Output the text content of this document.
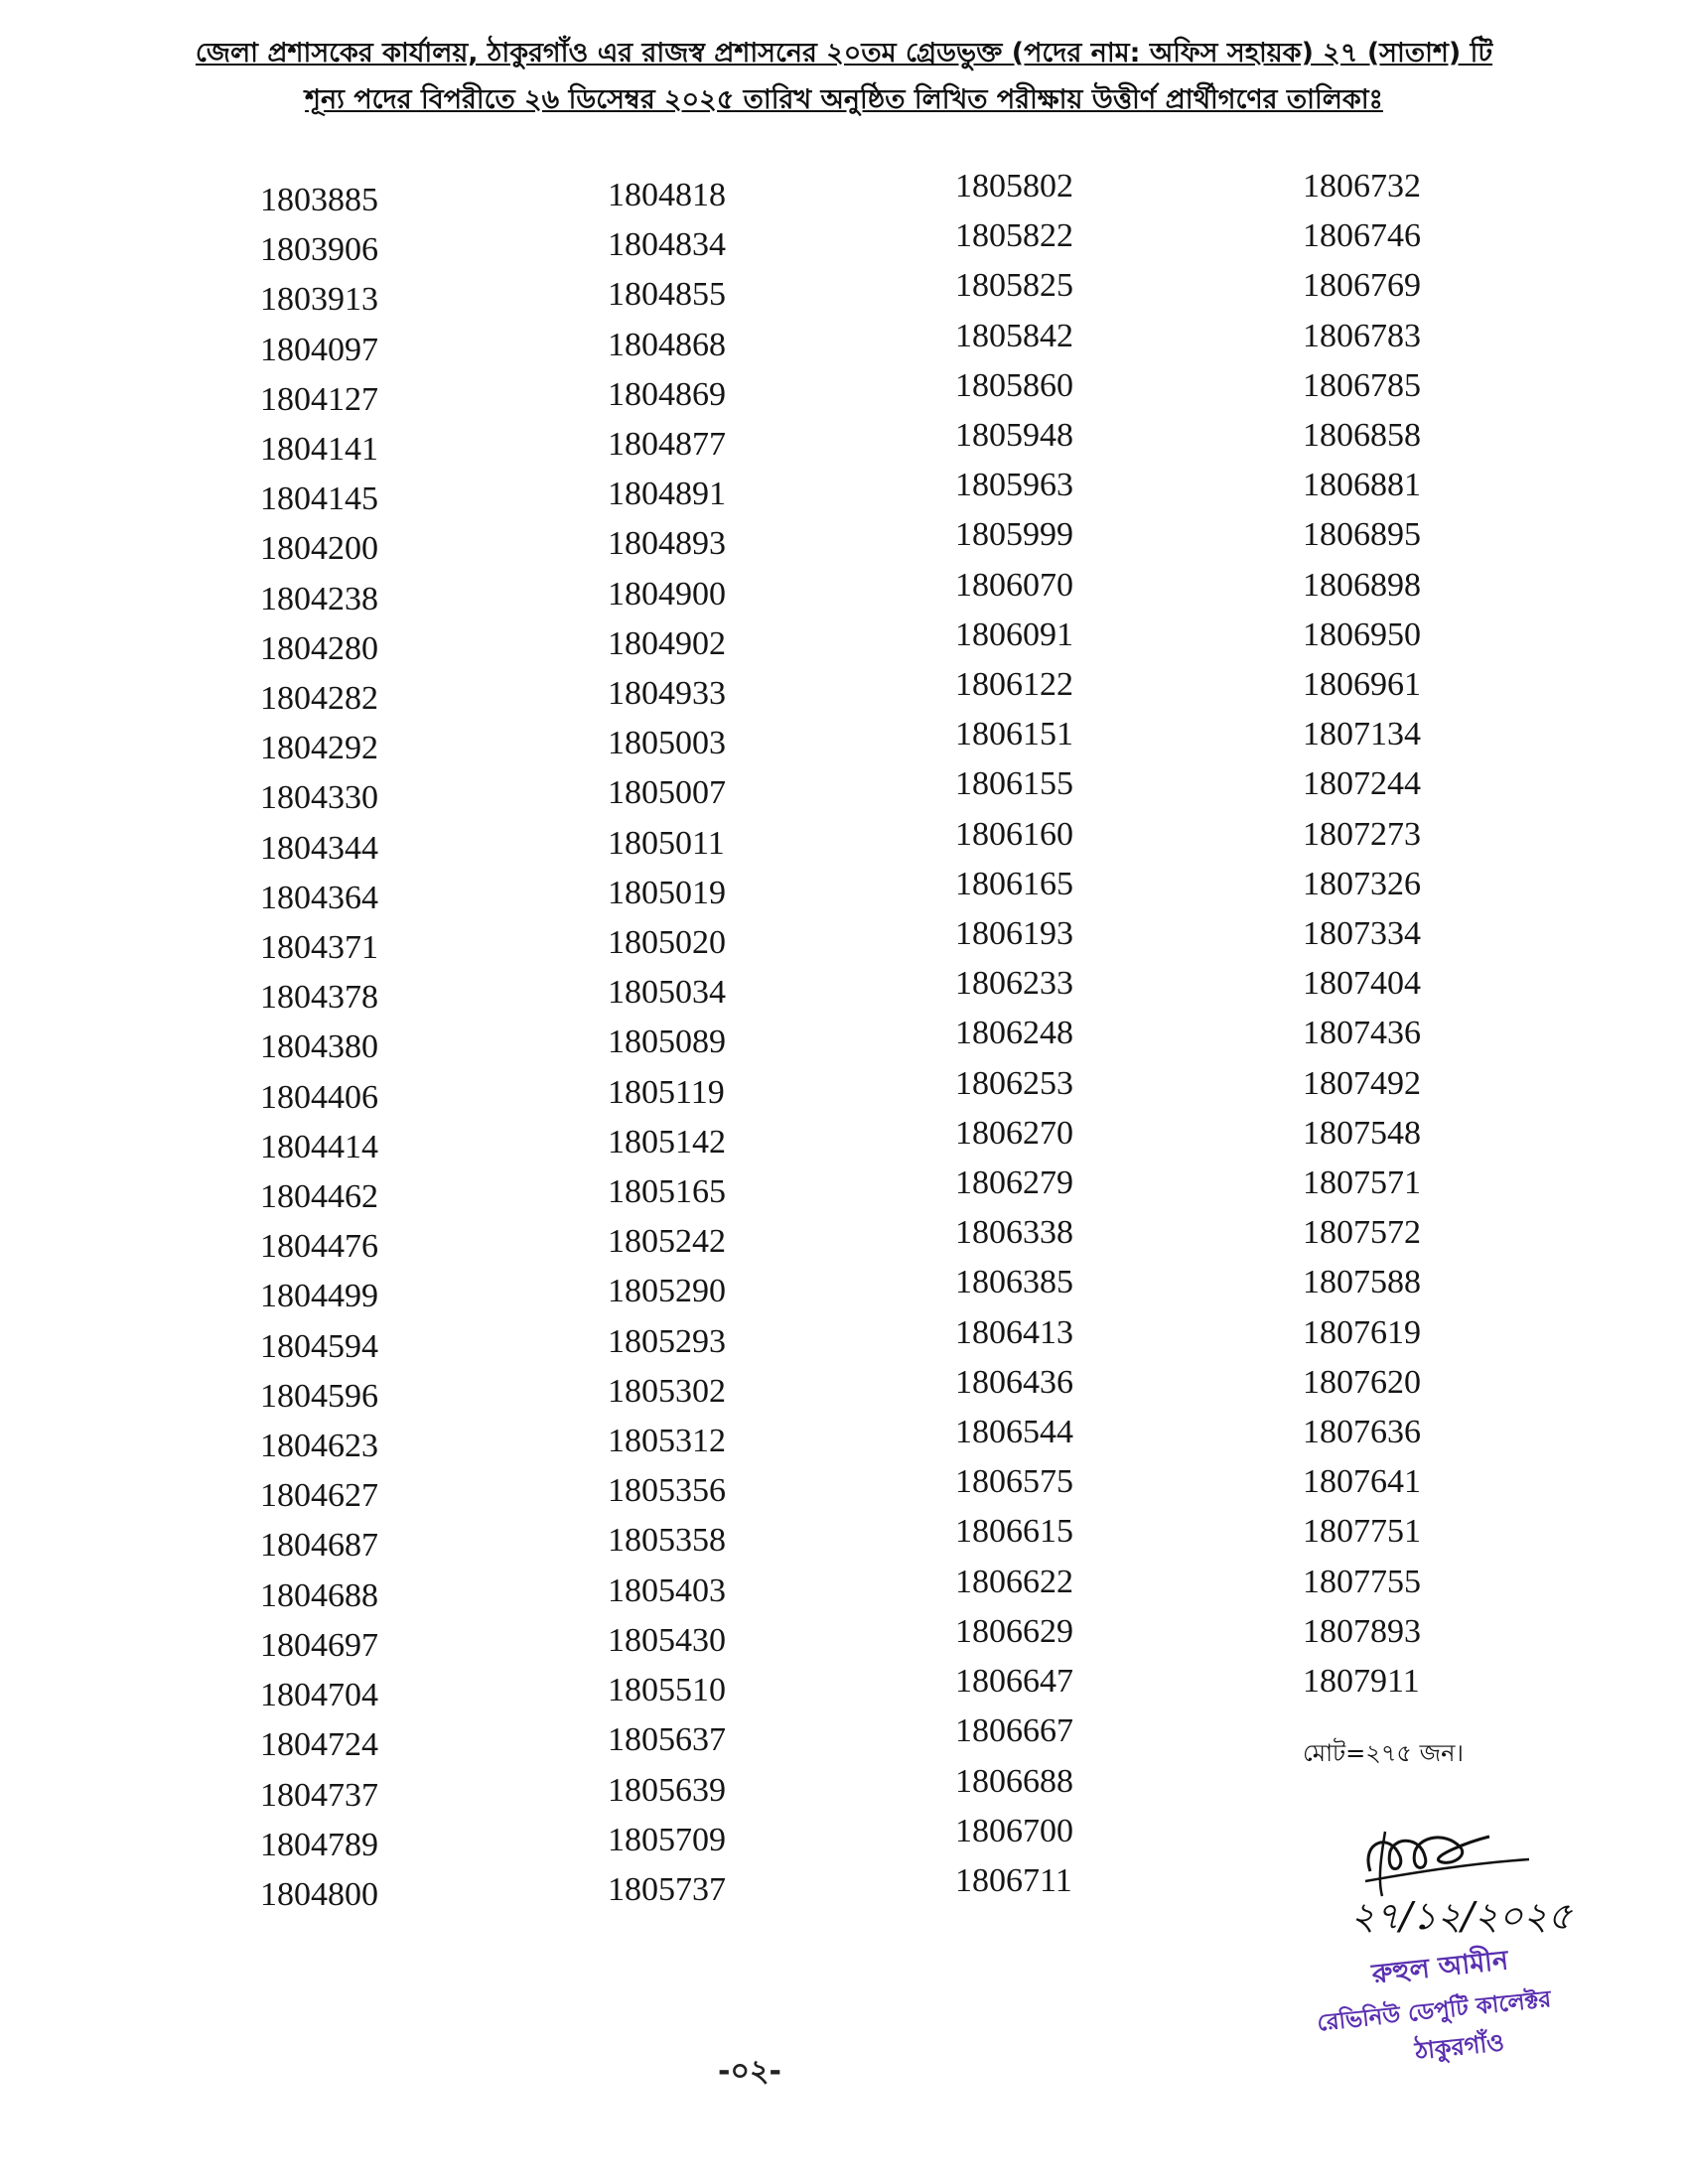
জেলা প্রশাসকের কার্যালয়, ঠাকুরগাঁও এর রাজস্ব প্রশাসনের ২০তম গ্রেডভুক্ত (পদের নাম: অফিস সহায়ক) ২৭ (সাতাশ) টি
শূন্য পদের বিপরীতে ২৬ ডিসেম্বর ২০২৫ তারিখ অনুষ্ঠিত লিখিত পরীক্ষায় উত্তীর্ণ প্রার্থীগণের তালিকাঃ
1803885
1803906
1803913
1804097
1804127
1804141
1804145
1804200
1804238
1804280
1804282
1804292
1804330
1804344
1804364
1804371
1804378
1804380
1804406
1804414
1804462
1804476
1804499
1804594
1804596
1804623
1804627
1804687
1804688
1804697
1804704
1804724
1804737
1804789
1804800
1804818
1804834
1804855
1804868
1804869
1804877
1804891
1804893
1804900
1804902
1804933
1805003
1805007
1805011
1805019
1805020
1805034
1805089
1805119
1805142
1805165
1805242
1805290
1805293
1805302
1805312
1805356
1805358
1805403
1805430
1805510
1805637
1805639
1805709
1805737
1805802
1805822
1805825
1805842
1805860
1805948
1805963
1805999
1806070
1806091
1806122
1806151
1806155
1806160
1806165
1806193
1806233
1806248
1806253
1806270
1806279
1806338
1806385
1806413
1806436
1806544
1806575
1806615
1806622
1806629
1806647
1806667
1806688
1806700
1806711
1806732
1806746
1806769
1806783
1806785
1806858
1806881
1806895
1806898
1806950
1806961
1807134
1807244
1807273
1807326
1807334
1807404
1807436
1807492
1807548
1807571
1807572
1807588
1807619
1807620
1807636
1807641
1807751
1807755
1807893
1807911
মোট=২৭৫ জন।
২৭/১২/২০২৫
রুহুল আমীন
রেভিনিউ ডেপুটি কালেক্টর
ঠাকুরগাঁও
-০২-
